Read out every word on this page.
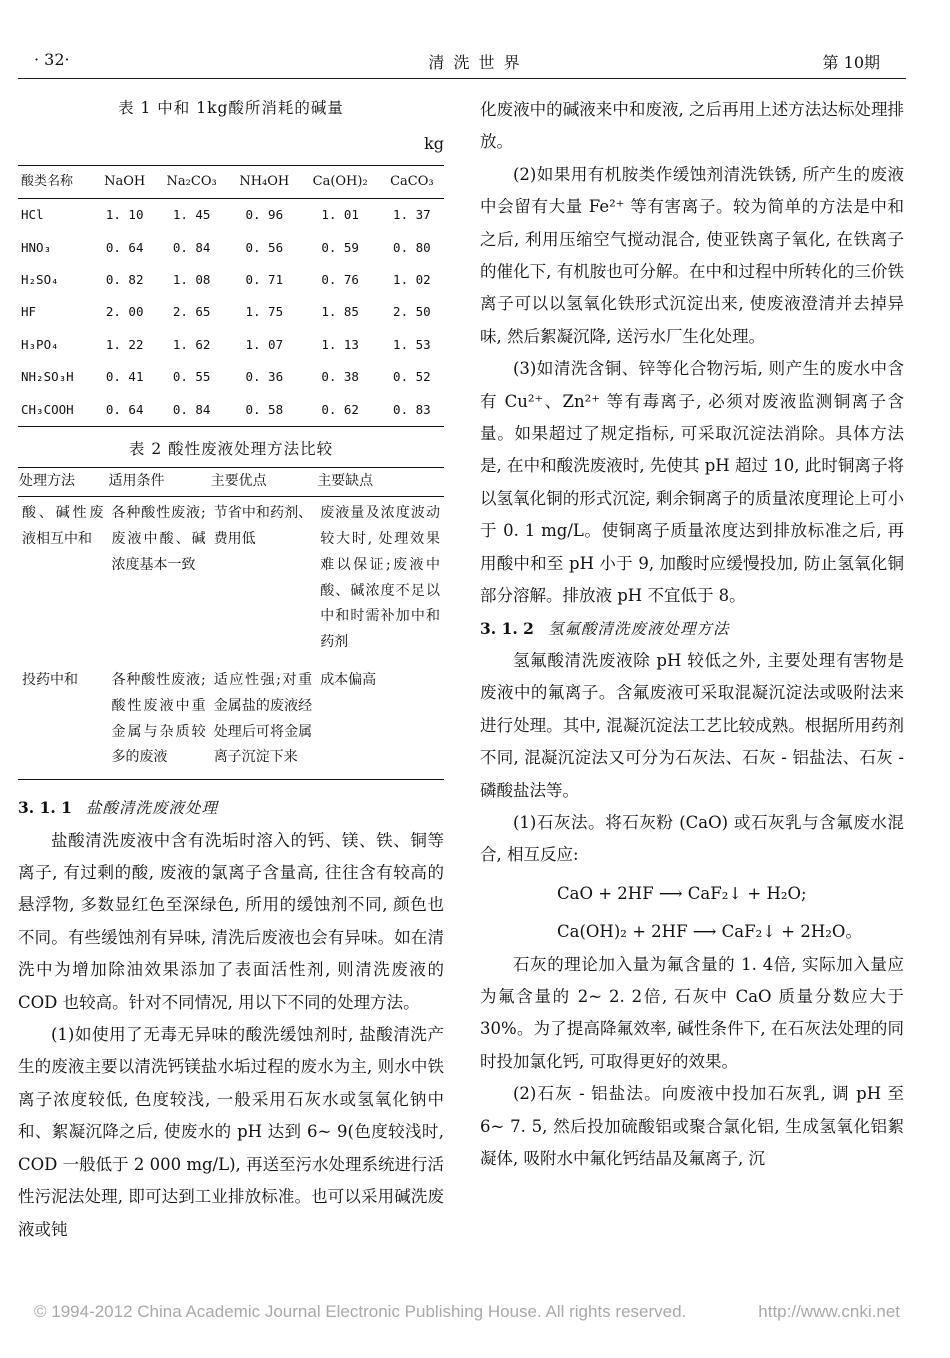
· 32·	清 洗 世 界	第 10期
表 1 中和 1kg酸所消耗的碱量
kg
酸类名称	NaOH	Na₂CO₃	NH₄OH	Ca(OH)₂	CaCO₃
HCl	1. 10	1. 45	0. 96	1. 01	1. 37
HNO₃	0. 64	0. 84	0. 56	0. 59	0. 80
H₂SO₄	0. 82	1. 08	0. 71	0. 76	1. 02
HF	2. 00	2. 65	1. 75	1. 85	2. 50
H₃PO₄	1. 22	1. 62	1. 07	1. 13	1. 53
NH₂SO₃H	0. 41	0. 55	0. 36	0. 38	0. 52
CH₃COOH	0. 64	0. 84	0. 58	0. 62	0. 83
表 2 酸性废液处理方法比较
处理方法	适用条件	主要优点	主要缺点
酸、碱性废液相互中和	各种酸性废液;废液中酸、碱浓度基本一致	节省中和药剂、费用低	废液量及浓度波动较大时, 处理效果难以保证;废液中酸、碱浓度不足以中和时需补加中和药剂
投药中和	各种酸性废液;酸性废液中重金属与杂质较多的废液	适应性强;对重金属盐的废液经处理后可将金属离子沉淀下来	成本偏高
3. 1. 1 盐酸清洗废液处理

盐酸清洗废液中含有洗垢时溶入的钙、镁、铁、铜等离子, 有过剩的酸, 废液的氯离子含量高, 往往含有较高的悬浮物, 多数显红色至深绿色, 所用的缓蚀剂不同, 颜色也不同。有些缓蚀剂有异味, 清洗后废液也会有异味。如在清洗中为增加除油效果添加了表面活性剂, 则清洗废液的 COD 也较高。针对不同情况, 用以下不同的处理方法。

(1)如使用了无毒无异味的酸洗缓蚀剂时, 盐酸清洗产生的废液主要以清洗钙镁盐水垢过程的废水为主, 则水中铁离子浓度较低, 色度较浅, 一般采用石灰水或氢氧化钠中和、絮凝沉降之后, 使废水的 pH 达到 6~ 9(色度较浅时, COD 一般低于 2 000 mg/L), 再送至污水处理系统进行活性污泥法处理, 即可达到工业排放标准。也可以采用碱洗废液或钝

化废液中的碱液来中和废液, 之后再用上述方法达标处理排放。

(2)如果用有机胺类作缓蚀剂清洗铁锈, 所产生的废液中会留有大量 Fe²⁺ 等有害离子。较为简单的方法是中和之后, 利用压缩空气搅动混合, 使亚铁离子氧化, 在铁离子的催化下, 有机胺也可分解。在中和过程中所转化的三价铁离子可以以氢氧化铁形式沉淀出来, 使废液澄清并去掉异味, 然后絮凝沉降, 送污水厂生化处理。

(3)如清洗含铜、锌等化合物污垢, 则产生的废水中含有 Cu²⁺、Zn²⁺ 等有毒离子, 必须对废液监测铜离子含量。如果超过了规定指标, 可采取沉淀法消除。具体方法是, 在中和酸洗废液时, 先使其 pH 超过 10, 此时铜离子将以氢氧化铜的形式沉淀, 剩余铜离子的质量浓度理论上可小于 0. 1 mg/L。使铜离子质量浓度达到排放标准之后, 再用酸中和至 pH 小于 9, 加酸时应缓慢投加, 防止氢氧化铜部分溶解。排放液 pH 不宜低于 8。

3. 1. 2 氢氟酸清洗废液处理方法

氢氟酸清洗废液除 pH 较低之外, 主要处理有害物是废液中的氟离子。含氟废液可采取混凝沉淀法或吸附法来进行处理。其中, 混凝沉淀法工艺比较成熟。根据所用药剂不同, 混凝沉淀法又可分为石灰法、石灰 - 铝盐法、石灰 - 磷酸盐法等。

(1)石灰法。将石灰粉 (CaO) 或石灰乳与含氟废水混合, 相互反应:

CaO + 2HF ⟶ CaF₂↓ + H₂O;

Ca(OH)₂ + 2HF ⟶ CaF₂↓ + 2H₂O。

石灰的理论加入量为氟含量的 1. 4倍, 实际加入量应为氟含量的 2~ 2. 2倍, 石灰中 CaO 质量分数应大于 30%。为了提高降氟效率, 碱性条件下, 在石灰法处理的同时投加氯化钙, 可取得更好的效果。

(2)石灰 - 铝盐法。向废液中投加石灰乳, 调 pH 至 6~ 7. 5, 然后投加硫酸铝或聚合氯化铝, 生成氢氧化铝絮凝体, 吸附水中氟化钙结晶及氟离子, 沉

© 1994-2012 China Academic Journal Electronic Publishing House. All rights reserved.	http://www.cnki.net
